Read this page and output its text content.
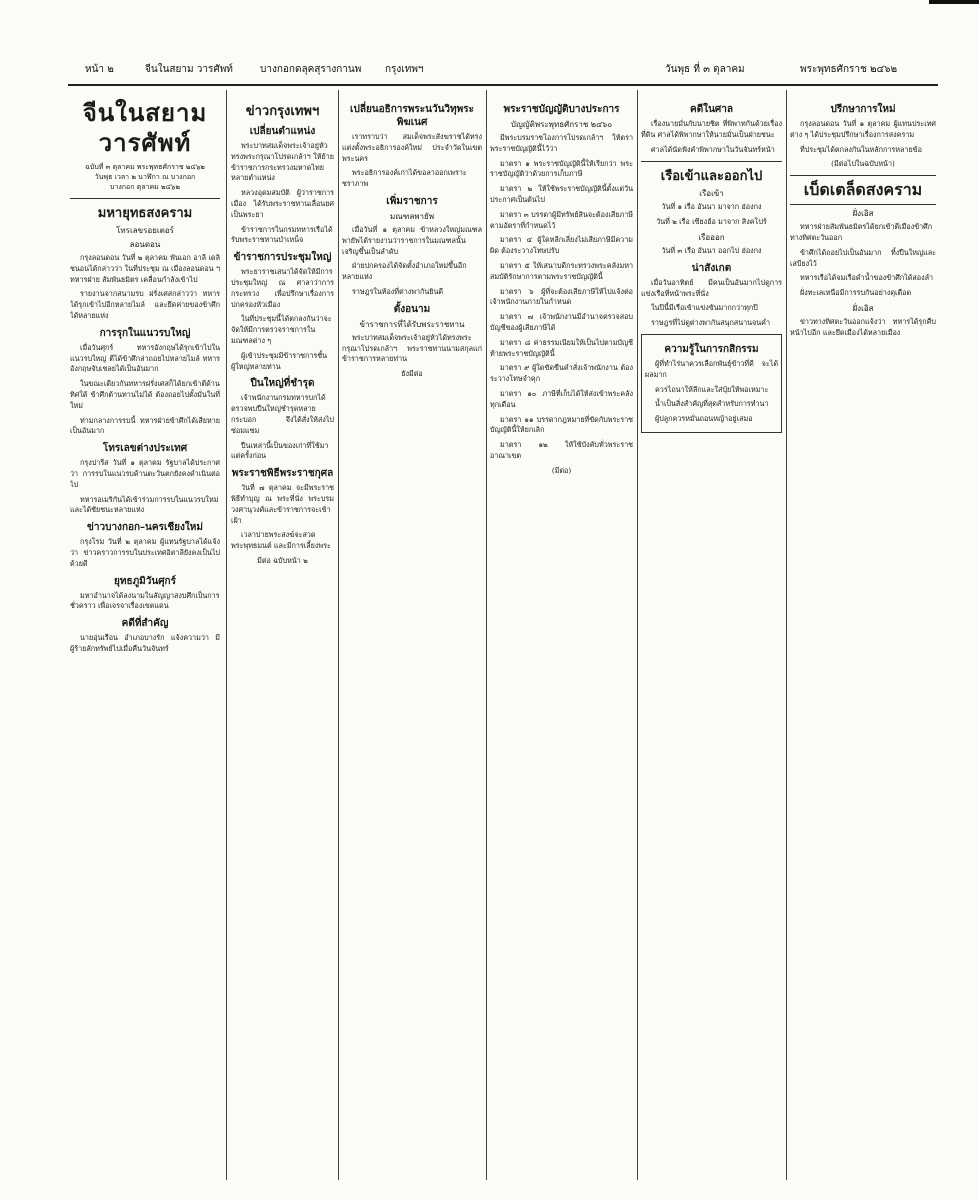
หน้า ๒	จีนในสยาม วารศัพท์	บางกอกดลุคสุรางกานพ กรุงเทพฯ	วันพุธ ที่ ๓ ตุลาคม	พระพุทธศักราช ๒๔๖๒
จีนในสยามวารศัพท์
ฉบับที่ ๓ ตุลาคม พระพุทธศักราช ๒๔๖๒
วันพุธ เวลา ๒ นาฬิกา ณ บางกอก
บางกอก ตุลาคม ๒๔๖๒
มหายุทธสงคราม
โทรเลขรอยเตอร์
ลอนดอน

กรุงลอนดอน วันที่ ๒ ตุลาคม พันเอก อาลี เดลิชนอนได้กล่าวว่า ในที่ประชุม ณ เมืองลอนดอน ฯ ทหารฝ่าย สัมพันธมิตร เคลื่อนกำลังเข้าไป

รายงานจากสนามรบ ฝรั่งเศสกล่าวว่า ทหารได้รุกเข้าไปอีกหลายไมล์ และยึดค่ายของข้าศึกได้หลายแห่ง

การรุกในแนวรบใหญ่

เมื่อวันศุกร์ ทหารอังกฤษได้รุกเข้าไปในแนวรบใหญ่ ตีได้ข้าศึกล่าถอยไปหลายไมล์ ทหารอังกฤษจับเชลยได้เป็นอันมาก

ในขณะเดียวกันทหารฝรั่งเศสก็ได้ยกเข้าตีด้านทิศใต้ ข้าศึกต้านทานไม่ได้ ต้องถอยไปตั้งมั่นในที่ใหม่

ท่ามกลางการรบนี้ ทหารฝ่ายข้าศึกได้เสียหายเป็นอันมาก

โทรเลขต่างประเทศ

กรุงปารีส วันที่ ๑ ตุลาคม รัฐบาลได้ประกาศว่า การรบในแนวรบด้านตะวันตกยังคงดำเนินต่อไป

ทหารอเมริกันได้เข้าร่วมการรบในแนวรบใหม่ และได้ชัยชนะหลายแห่ง

ข่าวบางกอก–นครเชียงใหม่

กรุงโรม วันที่ ๒ ตุลาคม ผู้แทนรัฐบาลได้แจ้งว่า ข่าวคราวการรบในประเทศอิตาลียังคงเป็นไปด้วยดี

ยุทธภูมิวันศุกร์

มหาอำนาจได้ลงนามในสัญญาสงบศึกเป็นการชั่วคราว เพื่อเจรจาเรื่องเขตแดน

คดีที่สำคัญ

นายอุ่นเรือน อำเภอบางรัก แจ้งความว่า มีผู้ร้ายลักทรัพย์ไปเมื่อคืนวันจันทร์

ข่าวกรุงเทพฯ
เปลี่ยนตำแหน่ง

พระบาทสมเด็จพระเจ้าอยู่หัวทรงพระกรุณาโปรดเกล้าฯ ให้ย้ายข้าราชการกระทรวงมหาดไทยหลายตำแหน่ง

หลวงอุดมสมบัติ ผู้ว่าราชการเมือง ได้รับพระราชทานเลื่อนยศเป็นพระยา

ข้าราชการในกรมทหารเรือได้รับพระราชทานบำเหน็จ

ข้าราชการประชุมใหญ่

พระยาราชเสนาได้จัดให้มีการประชุมใหญ่ ณ ศาลาว่าการกระทรวง เพื่อปรึกษาเรื่องการปกครองหัวเมือง

ในที่ประชุมนี้ได้ตกลงกันว่าจะจัดให้มีการตรวจราชการในมณฑลต่าง ๆ

ผู้เข้าประชุมมีข้าราชการชั้นผู้ใหญ่หลายท่าน

ปืนใหญ่ที่ชำรุด

เจ้าพนักงานกรมทหารบกได้ตรวจพบปืนใหญ่ชำรุดหลายกระบอก จึงได้สั่งให้ส่งไปซ่อมแซม

ปืนเหล่านี้เป็นของเก่าที่ใช้มาแต่ครั้งก่อน

พระราชพิธีพระราชกุศล

วันที่ ๗ ตุลาคม จะมีพระราชพิธีทำบุญ ณ พระที่นั่ง พระบรมวงศานุวงศ์และข้าราชการจะเข้าเฝ้า

เวลาบ่ายพระสงฆ์จะสวดพระพุทธมนต์ และมีการเลี้ยงพระ

มีต่อ ฉบับหน้า ๒

เปลี่ยนอธิการพระนวันวิทุพระพิฆเนศ

เราทราบว่า สมเด็จพระสังฆราชได้ทรงแต่งตั้งพระอธิการองค์ใหม่ ประจำวัดในเขตพระนคร

พระอธิการองค์เก่าได้ขอลาออกเพราะชราภาพ

เพิ่มราชการ
มณฑลพายัพ

เมื่อวันที่ ๑ ตุลาคม ข้าหลวงใหญ่มณฑลพายัพได้รายงานว่าราชการในมณฑลนั้นเจริญขึ้นเป็นลำดับ

ฝ่ายปกครองได้จัดตั้งอำเภอใหม่ขึ้นอีกหลายแห่ง

ราษฎรในท้องที่ต่างพากันยินดี

ตั้งอนาม
ข้าราชการที่ได้รับพระราชทาน

พระบาทสมเด็จพระเจ้าอยู่หัวได้ทรงพระกรุณาโปรดเกล้าฯ พระราชทานนามสกุลแก่ข้าราชการหลายท่าน

ยังมีต่อ

พระราชบัญญัติบางประการ
บัญญัติพระพุทธศักราช ๒๔๖๐

มีพระบรมราชโองการโปรดเกล้าฯ ให้ตราพระราชบัญญัตินี้ไว้ว่า

มาตรา ๑ พระราชบัญญัตินี้ให้เรียกว่า พระราชบัญญัติว่าด้วยการเก็บภาษี

มาตรา ๒ ให้ใช้พระราชบัญญัตินี้ตั้งแต่วันประกาศเป็นต้นไป

มาตรา ๓ บรรดาผู้มีทรัพย์สินจะต้องเสียภาษีตามอัตราที่กำหนดไว้

มาตรา ๔ ผู้ใดหลีกเลี่ยงไม่เสียภาษีมีความผิด ต้องระวางโทษปรับ

มาตรา ๕ ให้เสนาบดีกระทรวงพระคลังมหาสมบัติรักษาการตามพระราชบัญญัตินี้

มาตรา ๖ ผู้ที่จะต้องเสียภาษีให้ไปแจ้งต่อเจ้าพนักงานภายในกำหนด

มาตรา ๗ เจ้าพนักงานมีอำนาจตรวจสอบบัญชีของผู้เสียภาษีได้

มาตรา ๘ ค่าธรรมเนียมให้เป็นไปตามบัญชีท้ายพระราชบัญญัตินี้

มาตรา ๙ ผู้ใดขัดขืนคำสั่งเจ้าพนักงาน ต้องระวางโทษจำคุก

มาตรา ๑๐ ภาษีที่เก็บได้ให้ส่งเข้าพระคลังทุกเดือน

มาตรา ๑๑ บรรดากฎหมายที่ขัดกับพระราชบัญญัตินี้ให้ยกเลิก

มาตรา ๑๒ ให้ใช้บังคับทั่วพระราชอาณาเขต

(มีต่อ)

คดีในศาล

เรื่องนายมั่นกับนายชิต ที่พิพาทกันด้วยเรื่องที่ดิน ศาลได้พิพากษาให้นายมั่นเป็นฝ่ายชนะ

ศาลได้นัดฟังคำพิพากษาในวันจันทร์หน้า

เรือเข้าและออกไป
เรือเข้า

วันที่ ๑ เรือ อันนา มาจาก ฮ่องกง

วันที่ ๒ เรือ เซียงฮ้อ มาจาก สิงคโปร์

เรือออก

วันที่ ๓ เรือ อันนา ออกไป ฮ่องกง

น่าสังเกต

เมื่อวันอาทิตย์ มีคนเป็นอันมากไปดูการแข่งเรือที่หน้าพระที่นั่ง

ในปีนี้มีเรือเข้าแข่งขันมากกว่าทุกปี

ราษฎรที่ไปดูต่างพากันสนุกสนานจนค่ำ

ความรู้ในการกสิกรรม

ผู้ที่ทำไร่นาควรเลือกพันธุ์ข้าวที่ดี จะได้ผลมาก

ควรไถนาให้ลึกและใส่ปุ๋ยให้พอเหมาะ

น้ำเป็นสิ่งสำคัญที่สุดสำหรับการทำนา

ผู้ปลูกควรหมั่นถอนหญ้าอยู่เสมอ

ปรีกษาการใหม่

กรุงลอนดอน วันที่ ๑ ตุลาคม ผู้แทนประเทศต่าง ๆ ได้ประชุมปรึกษาเรื่องการสงคราม

ที่ประชุมได้ตกลงกันในหลักการหลายข้อ

(มีต่อไปในฉบับหน้า)

เบ็ดเตล็ดสงคราม
ฝั่งเอิส

ทหารฝ่ายสัมพันธมิตรได้ยกเข้าตีเมืองข้าศึกทางทิศตะวันออก

ข้าศึกได้ถอยไปเป็นอันมาก ทิ้งปืนใหญ่และเสบียงไว้

ทหารเรือได้จมเรือดำน้ำของข้าศึกได้สองลำ

ฝั่งทะเลเหนือมีการรบกันอย่างดุเดือด

ฝั่งเอิส

ข่าวทางทิศตะวันออกแจ้งว่า ทหารได้รุกคืบหน้าไปอีก และยึดเมืองได้หลายเมือง
